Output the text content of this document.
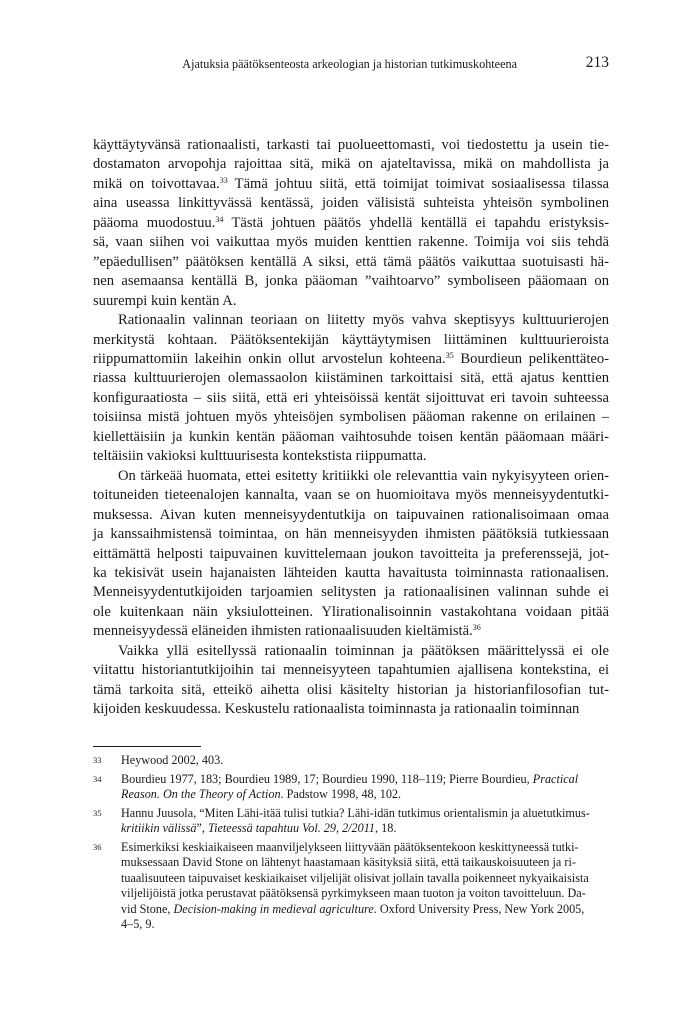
Ajatuksia päätöksenteosta arkeologian ja historian tutkimuskohteena	213

käyttäytyvänsä rationaalisti, tarkasti tai puolueettomasti, voi tiedostettu ja usein tie-

dostamaton arvopohja rajoittaa sitä, mikä on ajateltavissa, mikä on mahdollista ja

mikä on toivottavaa.$^{33}$ Tämä johtuu siitä, että toimijat toimivat sosiaalisessa tilassa

aina useassa linkittyvässä kentässä, joiden välisistä suhteista yhteisön symbolinen

pääoma muodostuu.$^{34}$ Tästä johtuen päätös yhdellä kentällä ei tapahdu eristyksis-

sä, vaan siihen voi vaikuttaa myös muiden kenttien rakenne. Toimija voi siis tehdä

”epäedullisen” päätöksen kentällä A siksi, että tämä päätös vaikuttaa suotuisasti hä-

nen asemaansa kentällä B, jonka pääoman ”vaihtoarvo” symboliseen pääomaan on

suurempi kuin kentän A.

Rationaalin valinnan teoriaan on liitetty myös vahva skeptisyys kulttuurierojen

merkitystä kohtaan. Päätöksentekijän käyttäytymisen liittäminen kulttuurieroista

riippumattomiin lakeihin onkin ollut arvostelun kohteena.$^{35}$ Bourdieun pelikenttäteo-

riassa kulttuurierojen olemassaolon kiistäminen tarkoittaisi sitä, että ajatus kenttien

konfiguraatiosta – siis siitä, että eri yhteisöissä kentät sijoittuvat eri tavoin suhteessa

toisiinsa mistä johtuen myös yhteisöjen symbolisen pääoman rakenne on erilainen –

kiellettäisiin ja kunkin kentän pääoman vaihtosuhde toisen kentän pääomaan määri-

teltäisiin vakioksi kulttuurisesta kontekstista riippumatta.

On tärkeää huomata, ettei esitetty kritiikki ole relevanttia vain nykyisyyteen orien-

toituneiden tieteenalojen kannalta, vaan se on huomioitava myös menneisyydentutki-

muksessa. Aivan kuten menneisyydentutkija on taipuvainen rationalisoimaan omaa

ja kanssaihmistensä toimintaa, on hän menneisyyden ihmisten päätöksiä tutkiessaan

eittämättä helposti taipuvainen kuvittelemaan joukon tavoitteita ja preferenssejä, jot-

ka tekisivät usein hajanaisten lähteiden kautta havaitusta toiminnasta rationaalisen.

Menneisyydentutkijoiden tarjoamien selitysten ja rationaalisinen valinnan suhde ei

ole kuitenkaan näin yksiulotteinen. Ylirationalisoinnin vastakohtana voidaan pitää

menneisyydessä eläneiden ihmisten rationaalisuuden kieltämistä.$^{36}$

Vaikka yllä esitellyssä rationaalin toiminnan ja päätöksen määrittelyssä ei ole

viitattu historiantutkijoihin tai menneisyyteen tapahtumien ajallisena kontekstina, ei

tämä tarkoita sitä, etteikö aihetta olisi käsitelty historian ja historianfilosofian tut-

kijoiden keskuudessa. Keskustelu rationaalista toiminnasta ja rationaalin toiminnan

33 Heywood 2002, 403.
34 Bourdieu 1977, 183; Bourdieu 1989, 17; Bourdieu 1990, 118–119; Pierre Bourdieu, Practical
Reason. On the Theory of Action. Padstow 1998, 48, 102.
35 Hannu Juusola, “Miten Lähi-itää tulisi tutkia? Lähi-idän tutkimus orientalismin ja aluetutkimus-
kritiikin välissä”, Tieteessä tapahtuu Vol. 29, 2/2011, 18.
36 Esimerkiksi keskiaikaiseen maanviljelykseen liittyvään päätöksentekoon keskittyneessä tutki-
muksessaan David Stone on lähtenyt haastamaan käsityksiä siitä, että taikauskoisuuteen ja ri-
tuaalisuuteen taipuvaiset keskiaikaiset viljelijät olisivat jollain tavalla poikenneet nykyaikaisista
viljelijöistä jotka perustavat päätöksensä pyrkimykseen maan tuoton ja voiton tavoitteluun. Da-
vid Stone, Decision-making in medieval agriculture. Oxford University Press, New York 2005,
4–5, 9.
